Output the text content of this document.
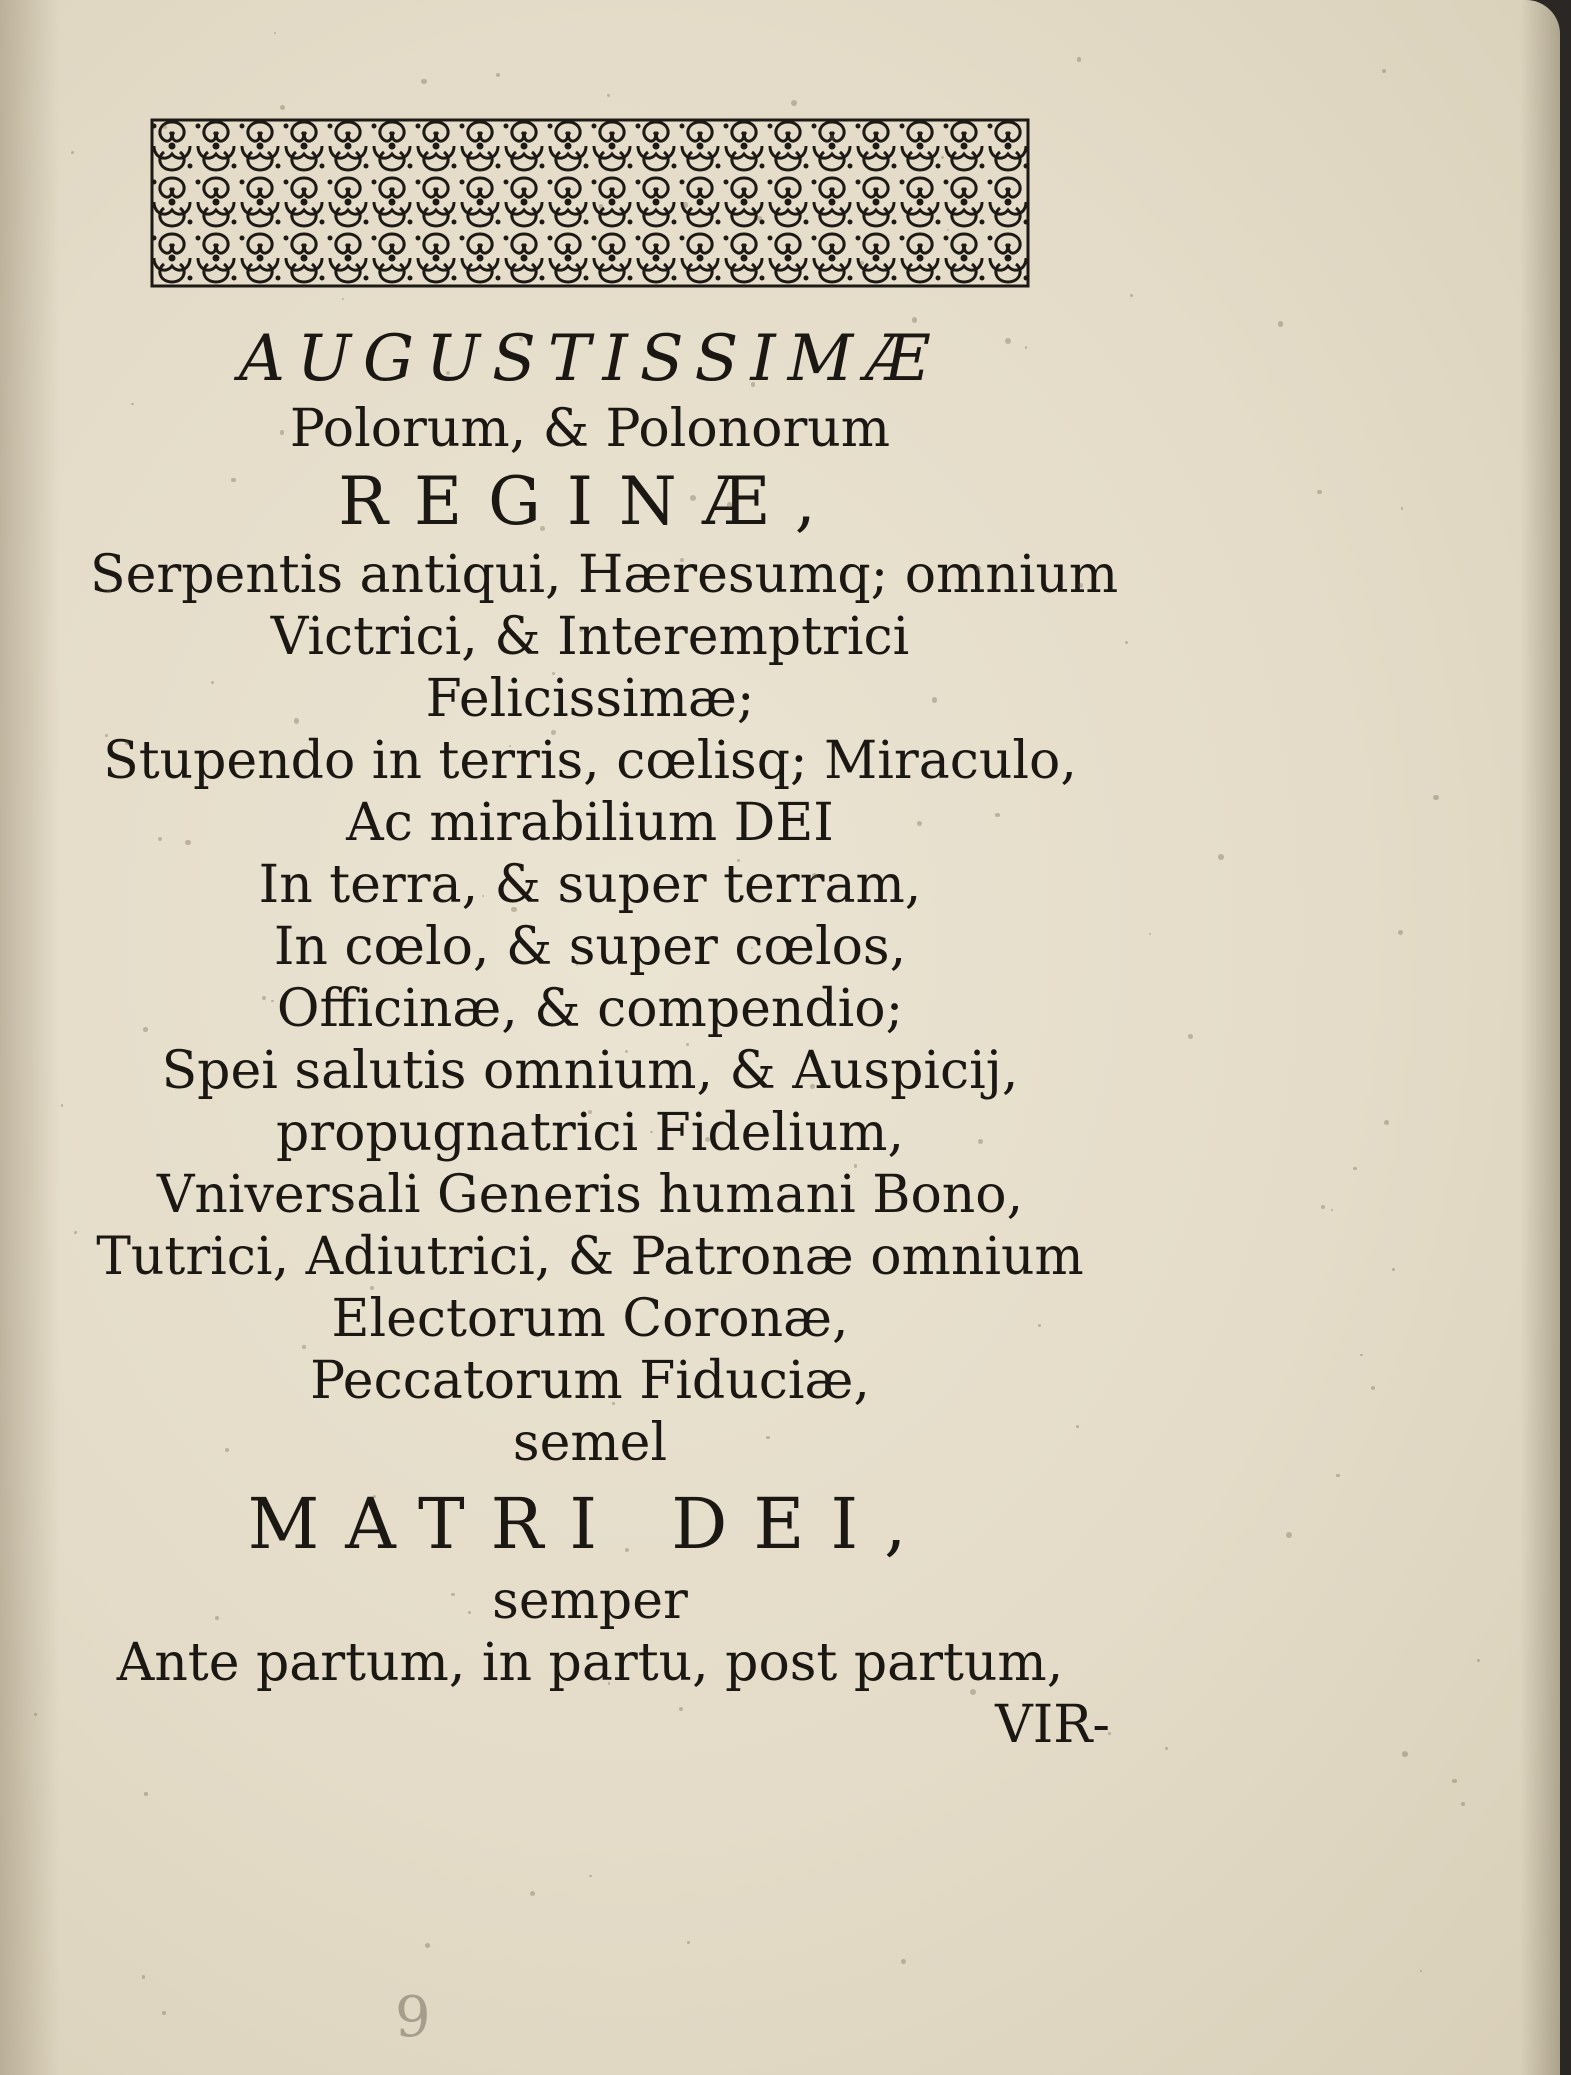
AUGUSTISSIMÆ
Polorum, & Polonorum
REGINÆ,
Serpentis antiqui, Hæresumq; omnium
Victrici, & Interemptrici
Felicissimæ;
Stupendo in terris, cœlisq; Miraculo,
Ac mirabilium DEI
In terra, & super terram,
In cœlo, & super cœlos,
Officinæ, & compendio;
Spei salutis omnium, & Auspicij,
propugnatrici Fidelium,
Vniversali Generis humani Bono,
Tutrici, Adiutrici, & Patronæ omnium
Electorum Coronæ,
Peccatorum Fiduciæ,
semel
MATRI DEI,
semper
Ante partum, in partu, post partum,
VIR-
9
